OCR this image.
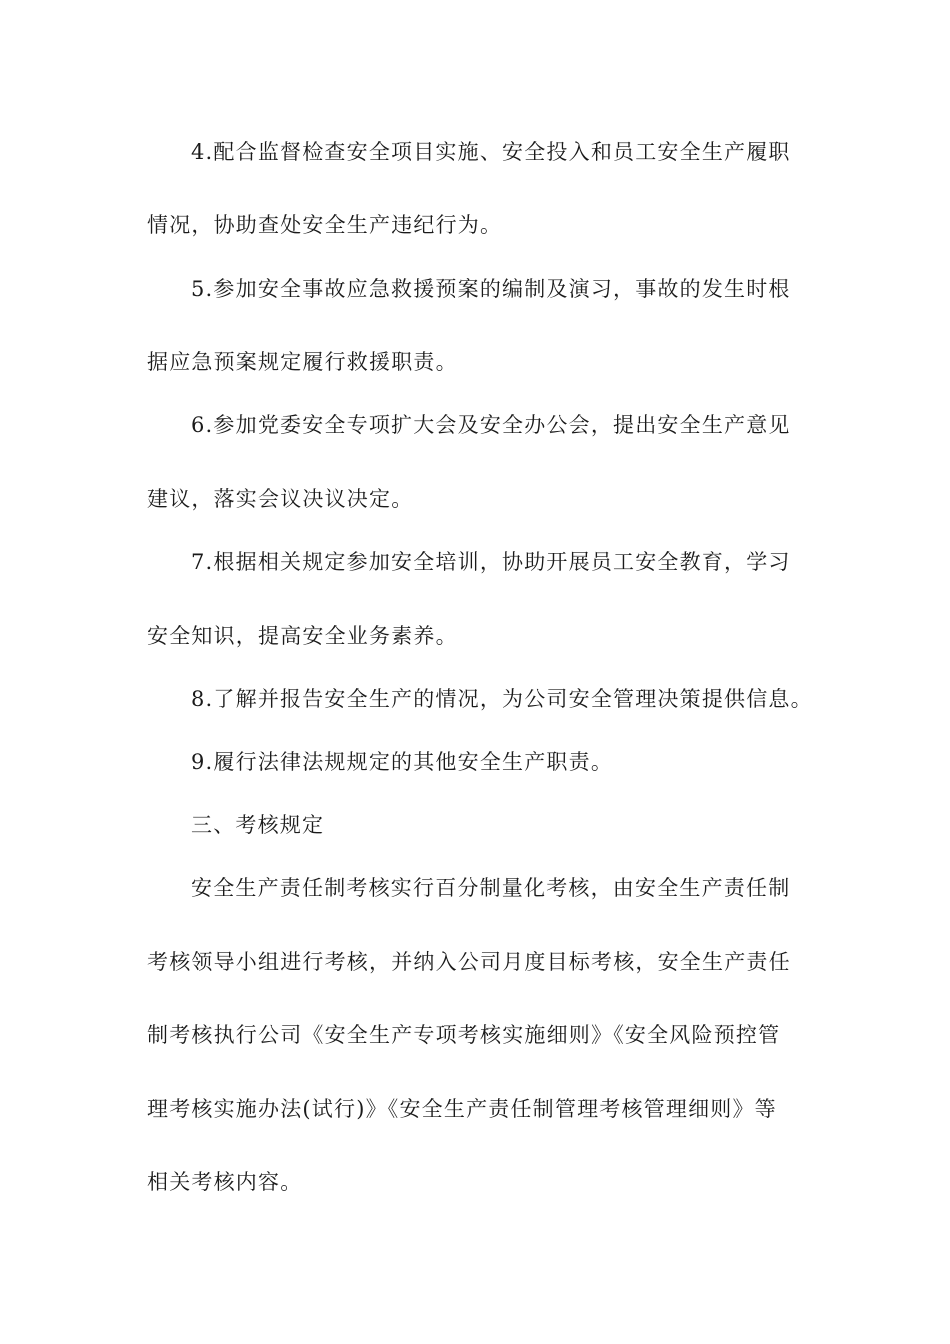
4.配合监督检查安全项目实施、安全投入和员工安全生产履职
情况，协助查处安全生产违纪行为。
5.参加安全事故应急救援预案的编制及演习，事故的发生时根
据应急预案规定履行救援职责。
6.参加党委安全专项扩大会及安全办公会，提出安全生产意见
建议，落实会议决议决定。
7.根据相关规定参加安全培训，协助开展员工安全教育，学习
安全知识，提高安全业务素养。
8.了解并报告安全生产的情况，为公司安全管理决策提供信息。
9.履行法律法规规定的其他安全生产职责。
三、考核规定
安全生产责任制考核实行百分制量化考核，由安全生产责任制
考核领导小组进行考核，并纳入公司月度目标考核，安全生产责任
制考核执行公司《安全生产专项考核实施细则》《安全风险预控管
理考核实施办法(试行)》《安全生产责任制管理考核管理细则》等
相关考核内容。
